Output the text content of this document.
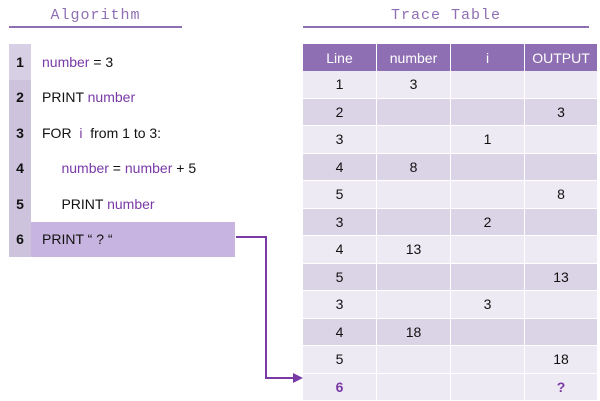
Algorithm	Trace Table
1	number = 3
2	PRINT number
3	FOR i from 1 to 3:
4
	number = number + 5
5	PRINT number
6	PRINT “ ? “
Line	number	i	OUTPUT
1	3		
2			3
3		1	
4	8		
5			8
3		2	
4	13		
5			13
3		3	
4	18		
5			18
6			?
